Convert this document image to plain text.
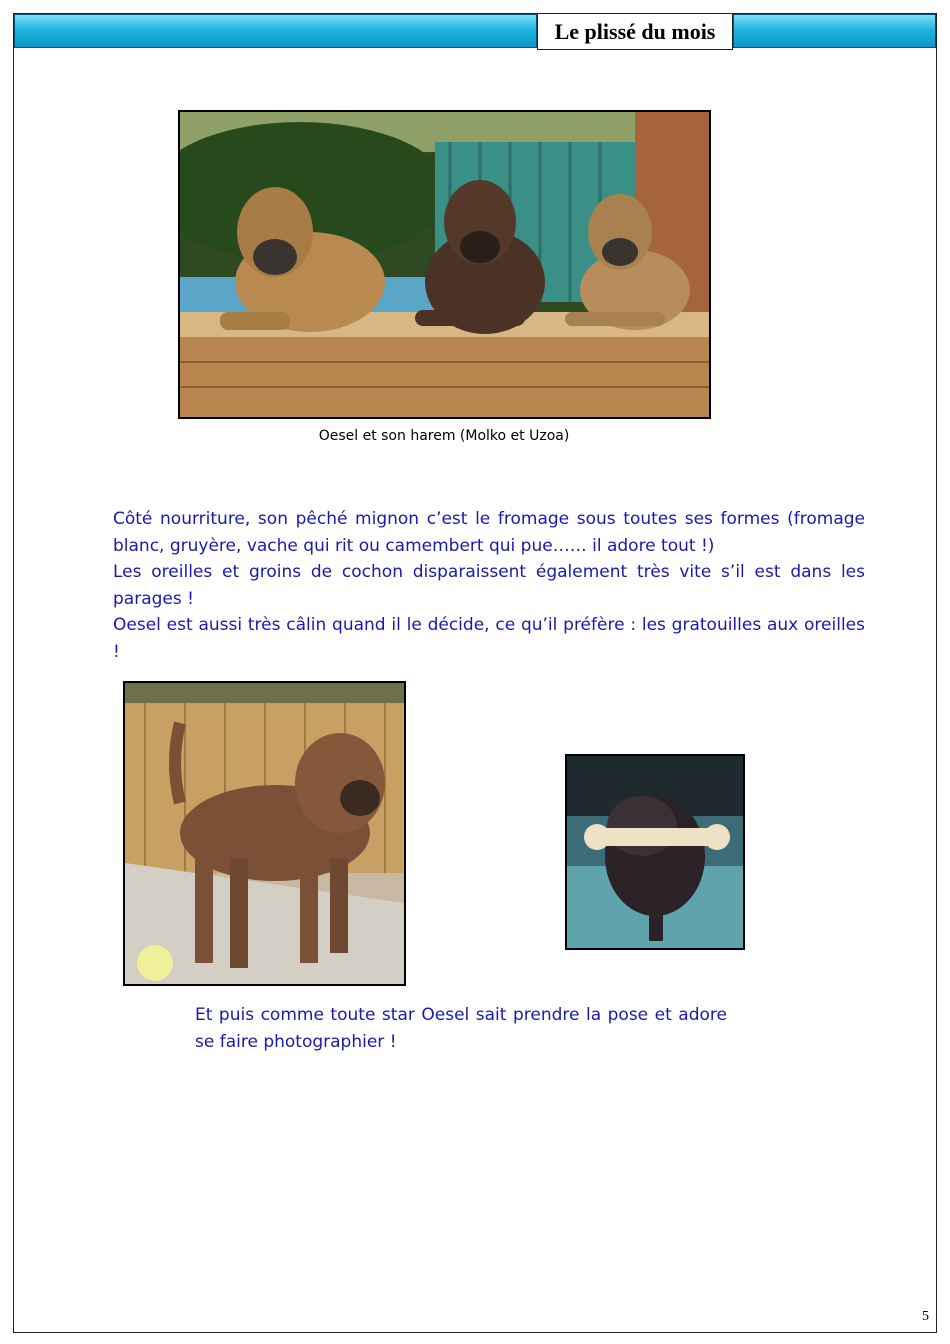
Le plissé du mois
Oesel et son harem (Molko et Uzoa)

Côté nourriture, son pêché mignon c’est le fromage sous toutes ses formes (fromage blanc, gruyère, vache qui rit ou camembert qui pue…… il adore tout !)

Les oreilles et groins de cochon disparaissent également très vite s’il est dans les parages !

Oesel est aussi très câlin quand il le décide, ce qu’il préfère : les gratouilles aux oreilles !

Et puis comme toute star Oesel sait prendre la pose et adore se faire photographier !
5
